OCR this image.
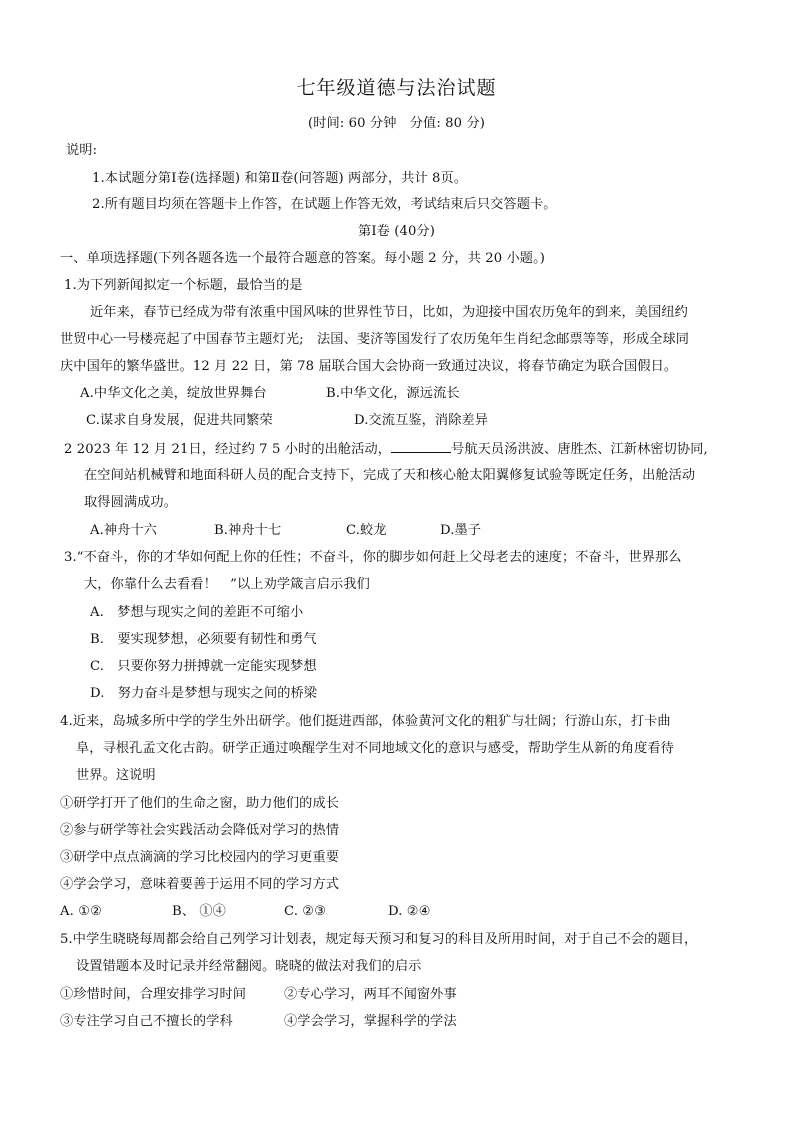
七年级道德与法治试题
(时间: 60 分钟　分值: 80 分)
说明:
1.本试题分第Ⅰ卷(选择题) 和第Ⅱ卷(问答题) 两部分，共计 8页。
2.所有题目均须在答题卡上作答，在试题上作答无效，考试结束后只交答题卡。
第Ⅰ卷 (40分)
一、单项选择题(下列各题各选一个最符合题意的答案。每小题 2 分，共 20 小题。)
1.为下列新闻拟定一个标题，最恰当的是
近年来，春节已经成为带有浓重中国风味的世界性节日，比如，为迎接中国农历兔年的到来，美国纽约
世贸中心一号楼亮起了中国春节主题灯光;　法国、斐济等国发行了农历兔年生肖纪念邮票等等，形成全球同
庆中国年的繁华盛世。12 月 22 日，第 78 届联合国大会协商一致通过决议，将春节确定为联合国假日。
A.中华文化之美，绽放世界舞台	B.中华文化，源远流长
C.谋求自身发展，促进共同繁荣	D.交流互鉴，消除差异
2 2023 年 12 月 21日，经过约 7 5 小时的出舱活动，	号航天员汤洪波、唐胜杰、江新林密切协同,
在空间站机械臂和地面科研人员的配合支持下，完成了天和核心舱太阳翼修复试验等既定任务，出舱活动
取得圆满成功。
A.神舟十六	B.神舟十七	C.蛟龙	D.墨子
3.“不奋斗，你的才华如何配上你的任性；不奋斗，你的脚步如何赶上父母老去的速度；不奋斗，世界那么
大，你靠什么去看看！　”以上劝学箴言启示我们
A.　梦想与现实之间的差距不可缩小
B.　要实现梦想，必须要有韧性和勇气
C.　只要你努力拼搏就一定能实现梦想
D.　努力奋斗是梦想与现实之间的桥梁
4.近来，岛城多所中学的学生外出研学。他们挺进西部，体验黄河文化的粗犷与壮阔；行游山东，打卡曲
阜，寻根孔孟文化古韵。研学正通过唤醒学生对不同地域文化的意识与感受，帮助学生从新的角度看待
世界。这说明
①研学打开了他们的生命之窗，助力他们的成长
②参与研学等社会实践活动会降低对学习的热情
③研学中点点滴滴的学习比校园内的学习更重要
④学会学习，意味着要善于运用不同的学习方式
A. ①②	B、 ①④	C. ②③	D. ②④
5.中学生晓晓每周都会给自己列学习计划表，规定每天预习和复习的科目及所用时间，对于自己不会的题目，
设置错题本及时记录并经常翻阅。晓晓的做法对我们的启示
①珍惜时间，合理安排学习时间	②专心学习，两耳不闻窗外事
③专注学习自己不擅长的学科	④学会学习，掌握科学的学法
